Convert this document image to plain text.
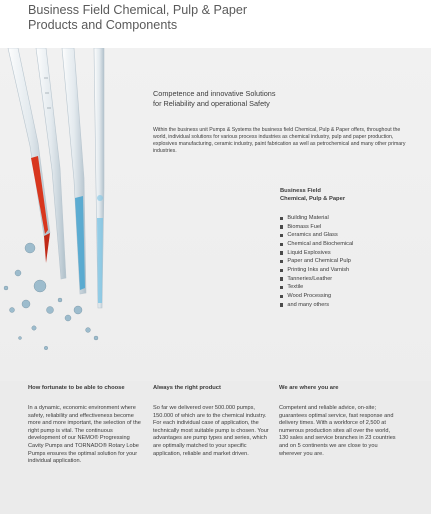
Business Field Chemical, Pulp & Paper
Products and Components
Competence and innovative Solutions
for Reliability and operational Safety
Within the business unit Pumps & Systems the business field Chemical, Pulp & Paper offers, throughout the world, individual solutions for various process industries as chemical industry, pulp and paper production, explosives manufacturing, ceramic industry, paint fabrication as well as petrochemical and many other primary industries.
Business Field
Chemical, Pulp & Paper
Building Material
Biomass Fuel
Ceramics and Glass
Chemical and Biochemical
Liquid Explosives
Paper and Chemical Pulp
Printing Inks and Varnish
Tanneries/Leather
Textile
Wood Processing
and many others
How fortunate to be able to choose

In a dynamic, economic environment where safety, reliability and effectiveness become more and more important, the selection of the right pump is vital. The continuous development of our NEMO® Progressing Cavity Pumps and TORNADO® Rotary Lobe Pumps ensures the optimal solution for your individual application.

Always the right product

So far we delivered over 500.000 pumps, 150.000 of which are to the chemical industry. For each individual case of application, the technically most suitable pump is chosen. Your advantages are pump types and series, which are optimally matched to your specific application, reliable and market driven.

We are where you are

Competent and reliable advice, on-site; guarantees optimal service, fast response and delivery times. With a workforce of 2,500 at numerous production sites all over the world, 130 sales and service branches in 23 countries and on 5 continents we are close to you wherever you are.
